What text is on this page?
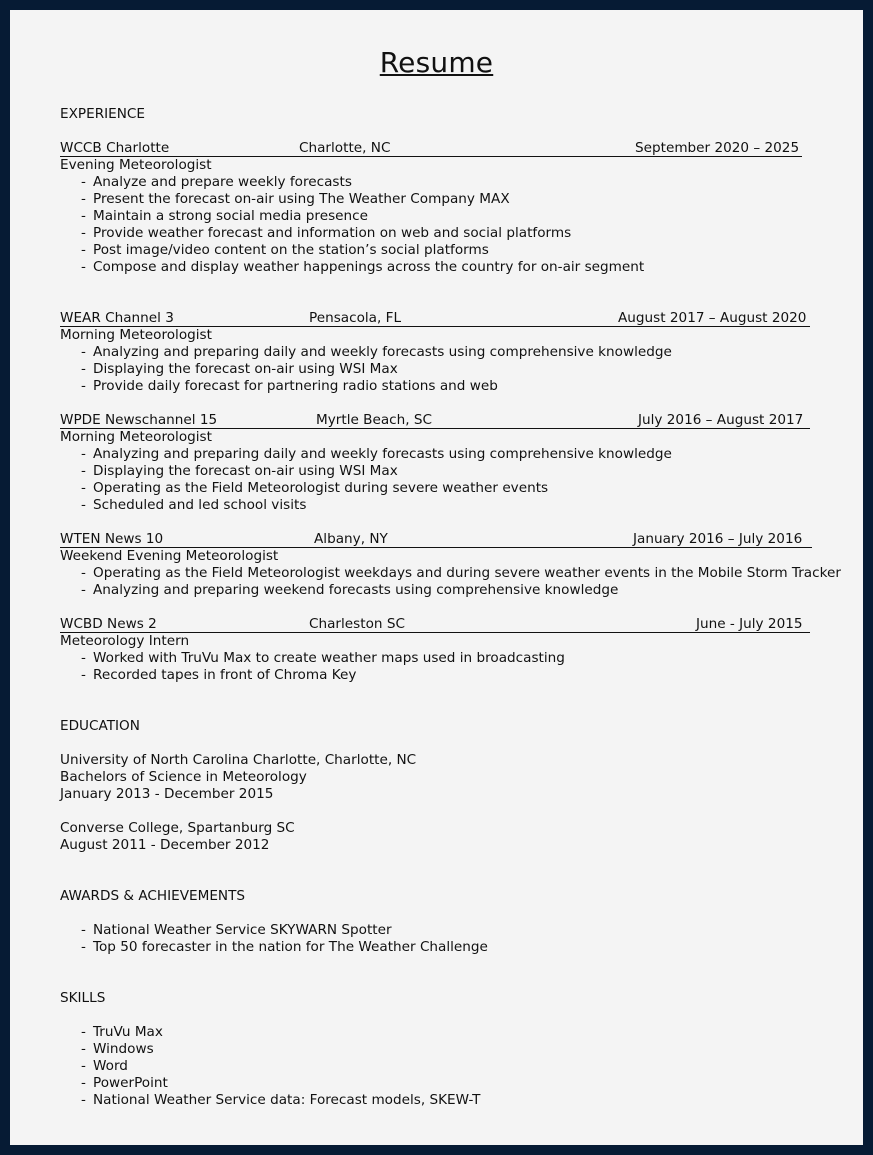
Resume
EXPERIENCE
WCCB Charlotte	Charlotte, NC	September 2020 – 2025
Evening Meteorologist
- Analyze and prepare weekly forecasts
- Present the forecast on-air using The Weather Company MAX
- Maintain a strong social media presence
- Provide weather forecast and information on web and social platforms
- Post image/video content on the station’s social platforms
- Compose and display weather happenings across the country for on-air segment
WEAR Channel 3	Pensacola, FL	August 2017 – August 2020
Morning Meteorologist
- Analyzing and preparing daily and weekly forecasts using comprehensive knowledge
- Displaying the forecast on-air using WSI Max
- Provide daily forecast for partnering radio stations and web
WPDE Newschannel 15	Myrtle Beach, SC	July 2016 – August 2017
Morning Meteorologist
- Analyzing and preparing daily and weekly forecasts using comprehensive knowledge
- Displaying the forecast on-air using WSI Max
- Operating as the Field Meteorologist during severe weather events
- Scheduled and led school visits
WTEN News 10	Albany, NY	January 2016 – July 2016
Weekend Evening Meteorologist
- Operating as the Field Meteorologist weekdays and during severe weather events in the Mobile Storm Tracker
- Analyzing and preparing weekend forecasts using comprehensive knowledge
WCBD News 2	Charleston SC	June - July 2015
Meteorology Intern
- Worked with TruVu Max to create weather maps used in broadcasting
- Recorded tapes in front of Chroma Key
EDUCATION
University of North Carolina Charlotte, Charlotte, NC
Bachelors of Science in Meteorology
January 2013 - December 2015
Converse College, Spartanburg SC
August 2011 - December 2012
AWARDS & ACHIEVEMENTS
- National Weather Service SKYWARN Spotter
- Top 50 forecaster in the nation for The Weather Challenge
SKILLS
- TruVu Max
- Windows
- Word
- PowerPoint
- National Weather Service data: Forecast models, SKEW-T
